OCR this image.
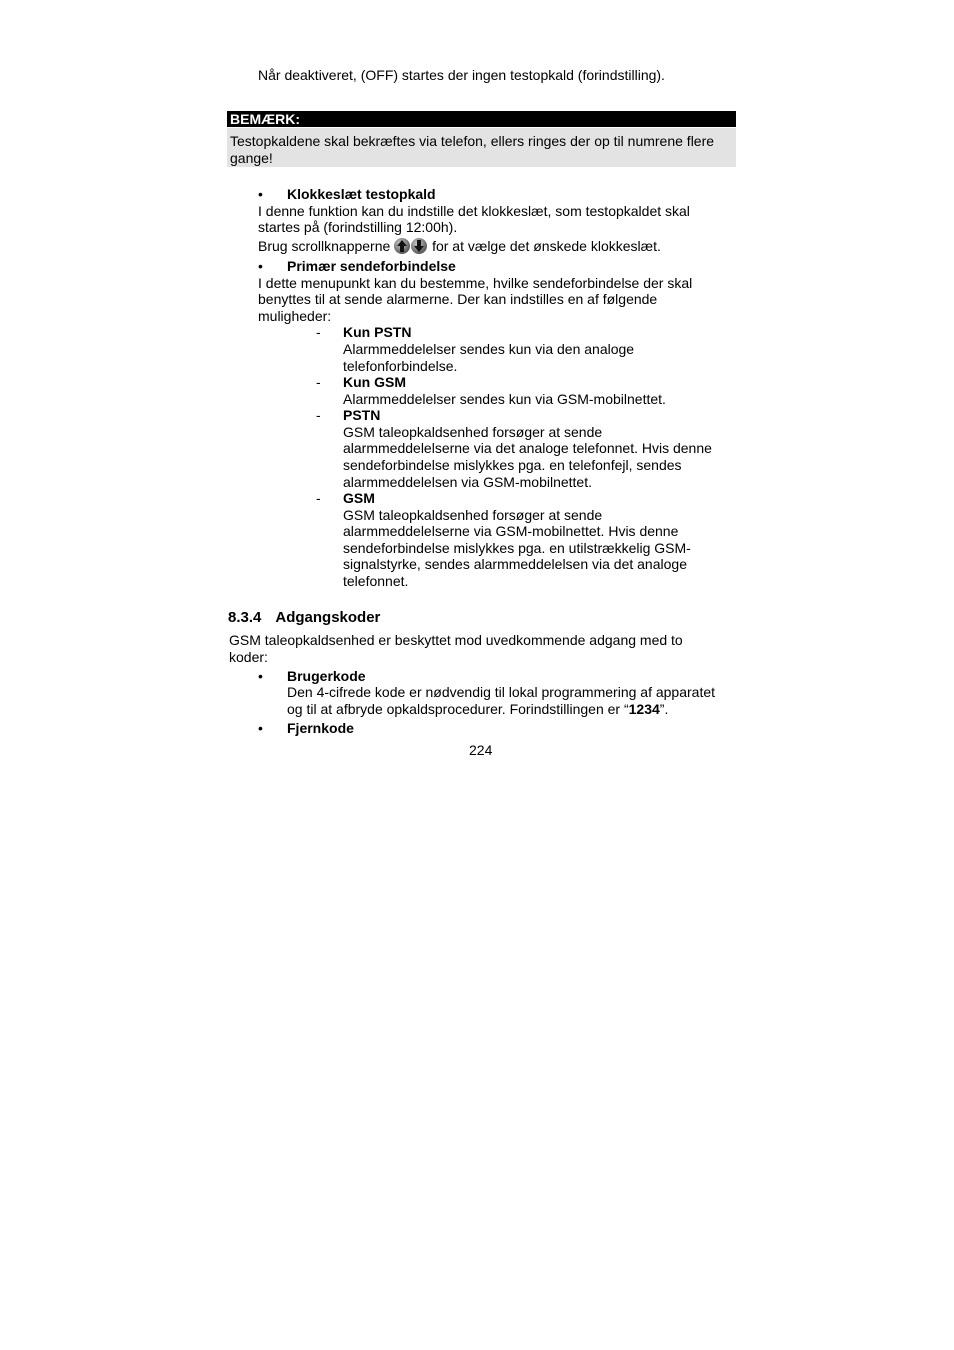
Når deaktiveret, (OFF) startes der ingen testopkald (forindstilling).
BEMÆRK:
Testopkaldene skal bekræftes via telefon, ellers ringes der op til numrene flere
gange!
• Klokkeslæt testopkald
I denne funktion kan du indstille det klokkeslæt, som testopkaldet skal
startes på (forindstilling 12:00h).
Brug scrollknapperne	for at vælge det ønskede klokkeslæt.
• Primær sendeforbindelse
I dette menupunkt kan du bestemme, hvilke sendeforbindelse der skal
benyttes til at sende alarmerne. Der kan indstilles en af følgende
muligheder:
- Kun PSTN
Alarmmeddelelser sendes kun via den analoge
telefonforbindelse.
- Kun GSM
Alarmmeddelelser sendes kun via GSM-mobilnettet.
- PSTN
GSM taleopkaldsenhed forsøger at sende
alarmmeddelelserne via det analoge telefonnet. Hvis denne
sendeforbindelse mislykkes pga. en telefonfejl, sendes
alarmmeddelelsen via GSM-mobilnettet.
- GSM
GSM taleopkaldsenhed forsøger at sende
alarmmeddelelserne via GSM-mobilnettet. Hvis denne
sendeforbindelse mislykkes pga. en utilstrækkelig GSM-
signalstyrke, sendes alarmmeddelelsen via det analoge
telefonnet.
8.3.4 Adgangskoder
GSM taleopkaldsenhed er beskyttet mod uvedkommende adgang med to
koder:
• Brugerkode
Den 4-cifrede kode er nødvendig til lokal programmering af apparatet
og til at afbryde opkaldsprocedurer. Forindstillingen er “1234”.
• Fjernkode
224
